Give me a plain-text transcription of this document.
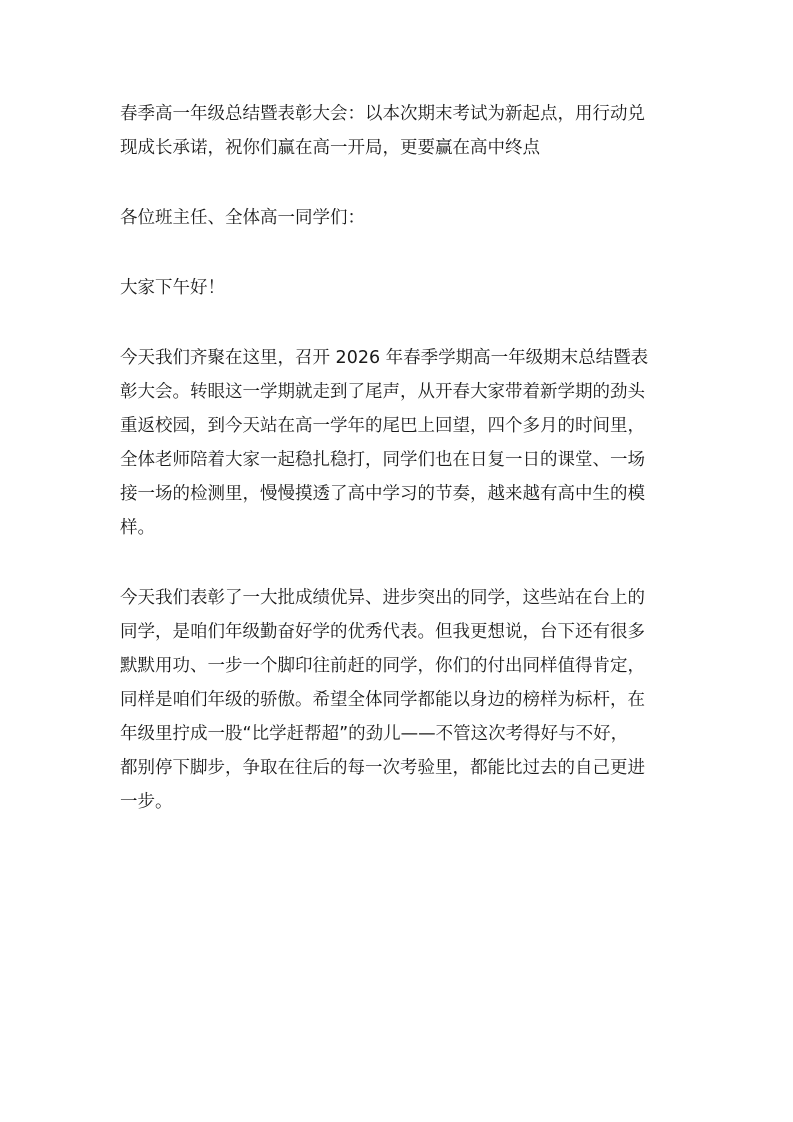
春季高一年级总结暨表彰大会：以本次期末考试为新起点，用行动兑
现成长承诺，祝你们赢在高一开局，更要赢在高中终点

各位班主任、全体高一同学们：

大家下午好！

今天我们齐聚在这里，召开 2026 年春季学期高一年级期末总结暨表
彰大会。转眼这一学期就走到了尾声，从开春大家带着新学期的劲头
重返校园，到今天站在高一学年的尾巴上回望，四个多月的时间里，
全体老师陪着大家一起稳扎稳打，同学们也在日复一日的课堂、一场
接一场的检测里，慢慢摸透了高中学习的节奏，越来越有高中生的模
样。

今天我们表彰了一大批成绩优异、进步突出的同学，这些站在台上的
同学，是咱们年级勤奋好学的优秀代表。但我更想说，台下还有很多
默默用功、一步一个脚印往前赶的同学，你们的付出同样值得肯定，
同样是咱们年级的骄傲。希望全体同学都能以身边的榜样为标杆，在
年级里拧成一股“比学赶帮超”的劲儿——不管这次考得好与不好，
都别停下脚步，争取在往后的每一次考验里，都能比过去的自己更进
一步。
